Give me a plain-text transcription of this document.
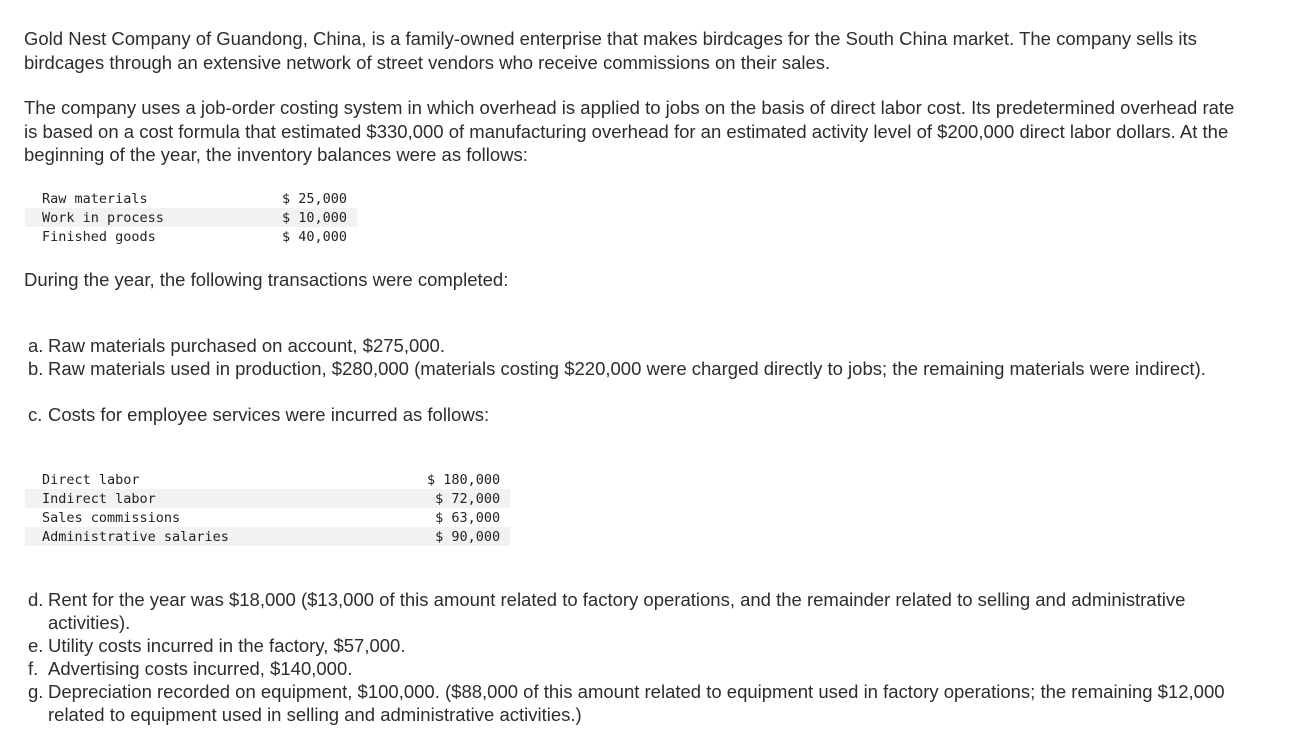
Gold Nest Company of Guandong, China, is a family-owned enterprise that makes birdcages for the South China market. The company sells its birdcages through an extensive network of street vendors who receive commissions on their sales.

The company uses a job-order costing system in which overhead is applied to jobs on the basis of direct labor cost. Its predetermined overhead rate is based on a cost formula that estimated $330,000 of manufacturing overhead for an estimated activity level of $200,000 direct labor dollars. At the beginning of the year, the inventory balances were as follows:

Raw materials	$ 25,000
Work in process	$ 10,000
Finished goods	$ 40,000

During the year, the following transactions were completed:

a. Raw materials purchased on account, $275,000.

b. Raw materials used in production, $280,000 (materials costing $220,000 were charged directly to jobs; the remaining materials were indirect).

c. Costs for employee services were incurred as follows:

Direct labor	$ 180,000
Indirect labor	$ 72,000
Sales commissions	$ 63,000
Administrative salaries	$ 90,000

d. Rent for the year was $18,000 ($13,000 of this amount related to factory operations, and the remainder related to selling and administrative activities).

e. Utility costs incurred in the factory, $57,000.

f. Advertising costs incurred, $140,000.

g. Depreciation recorded on equipment, $100,000. ($88,000 of this amount related to equipment used in factory operations; the remaining $12,000 related to equipment used in selling and administrative activities.)
